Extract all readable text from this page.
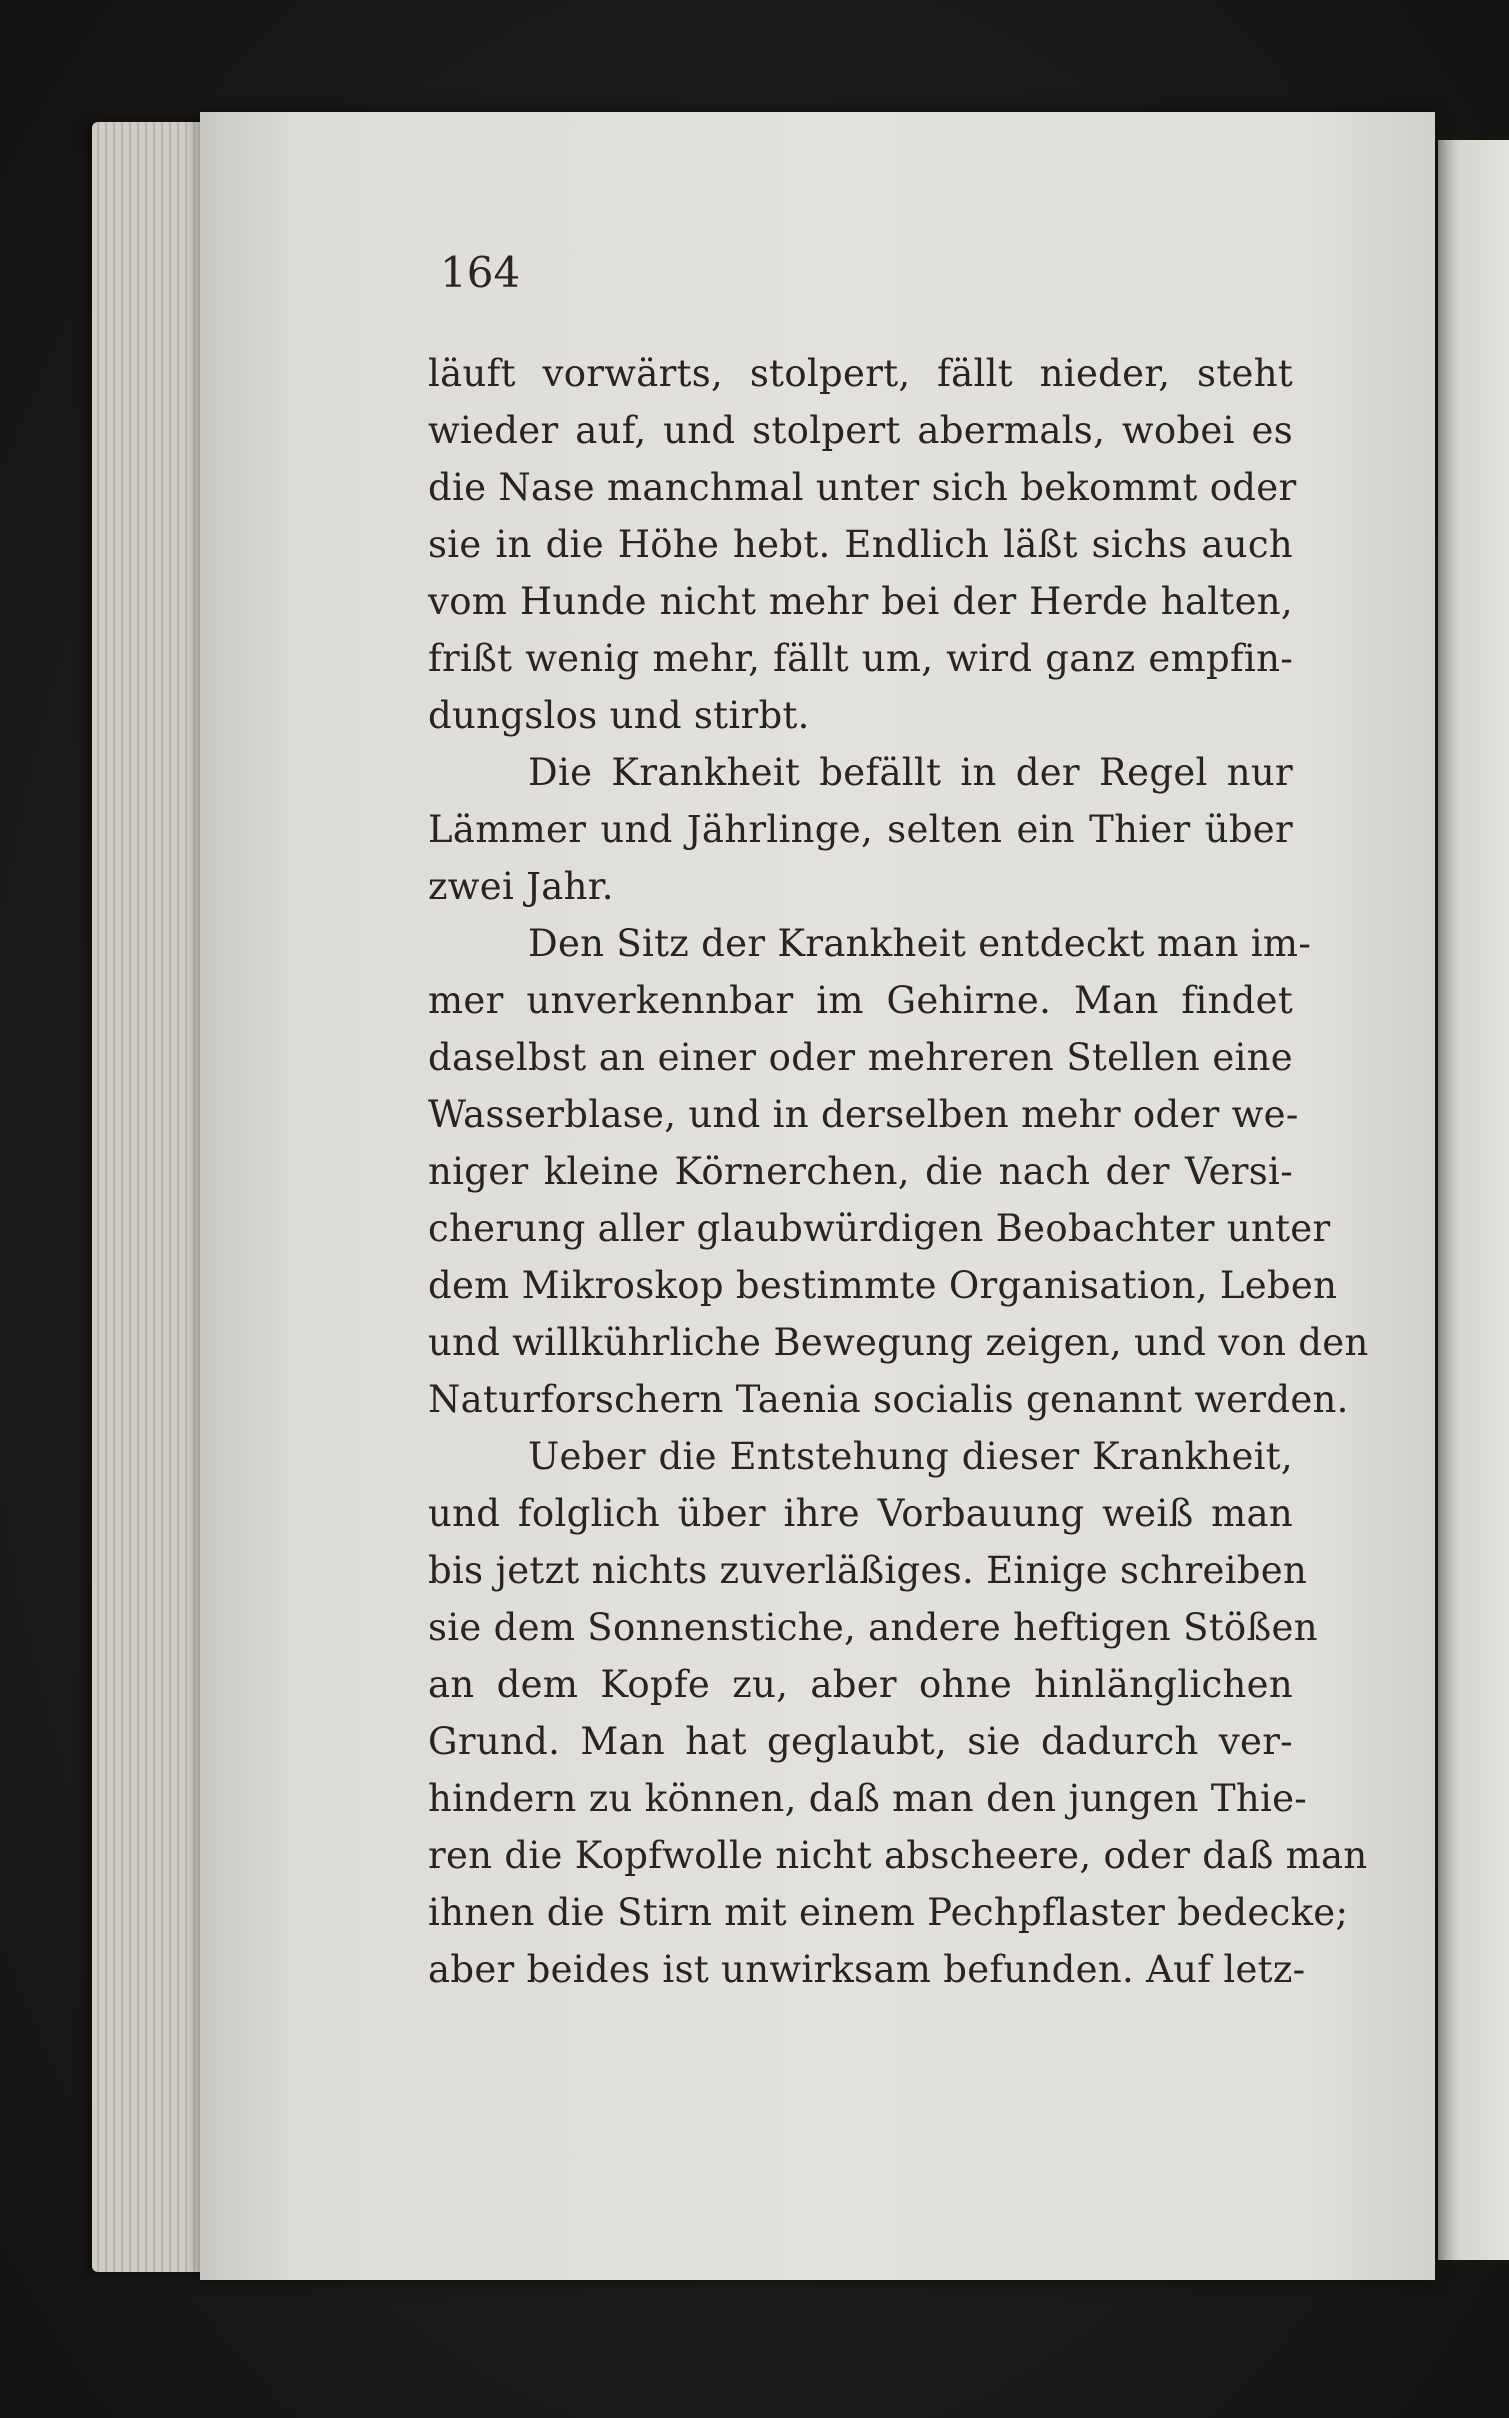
164
läuft vorwärts, stolpert, fällt nieder, steht
wieder auf, und stolpert abermals, wobei es
die Nase manchmal unter sich bekommt oder
sie in die Höhe hebt. Endlich läßt sichs auch
vom Hunde nicht mehr bei der Herde halten,
frißt wenig mehr, fällt um, wird ganz empfin-
dungslos und stirbt.
Die Krankheit befällt in der Regel nur
Lämmer und Jährlinge, selten ein Thier über
zwei Jahr.
Den Sitz der Krankheit entdeckt man im-
mer unverkennbar im Gehirne. Man findet
daselbst an einer oder mehreren Stellen eine
Wasserblase, und in derselben mehr oder we-
niger kleine Körnerchen, die nach der Versi-
cherung aller glaubwürdigen Beobachter unter
dem Mikroskop bestimmte Organisation, Leben
und willkührliche Bewegung zeigen, und von den
Naturforschern Taenia socialis genannt werden.
Ueber die Entstehung dieser Krankheit,
und folglich über ihre Vorbauung weiß man
bis jetzt nichts zuverläßiges. Einige schreiben
sie dem Sonnenstiche, andere heftigen Stößen
an dem Kopfe zu, aber ohne hinlänglichen
Grund. Man hat geglaubt, sie dadurch ver-
hindern zu können, daß man den jungen Thie-
ren die Kopfwolle nicht abscheere, oder daß man
ihnen die Stirn mit einem Pechpflaster bedecke;
aber beides ist unwirksam befunden. Auf letz-
